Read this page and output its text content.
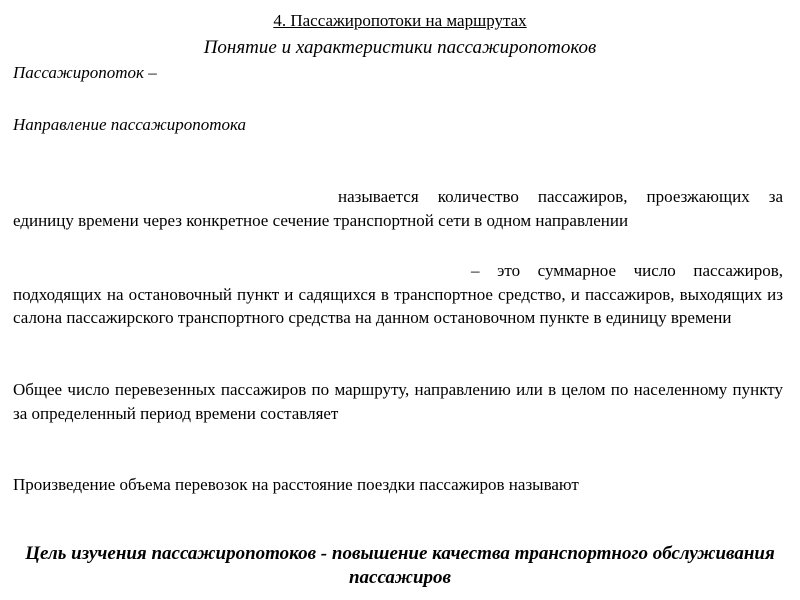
4. Пассажиропотоки на маршрутах
Понятие и характеристики пассажиропотоков

Пассажиропоток –

Направление пассажиропотока

называется количество пассажиров, проезжающих за единицу времени через конкретное сечение транспортной сети в одном направлении

– это суммарное число пассажиров, подходящих на остановочный пункт и садящихся в транспортное средство, и пассажиров, выходящих из салона пассажирского транспортного средства на данном остановочном пункте в единицу времени

Общее число перевезенных пассажиров по маршруту, направлению или в целом по населенному пункту за определенный период времени составляет

Произведение объема перевозок на расстояние поездки пассажиров называют

Цель изучения пассажиропотоков - повышение качества транспортного обслуживания пассажиров
